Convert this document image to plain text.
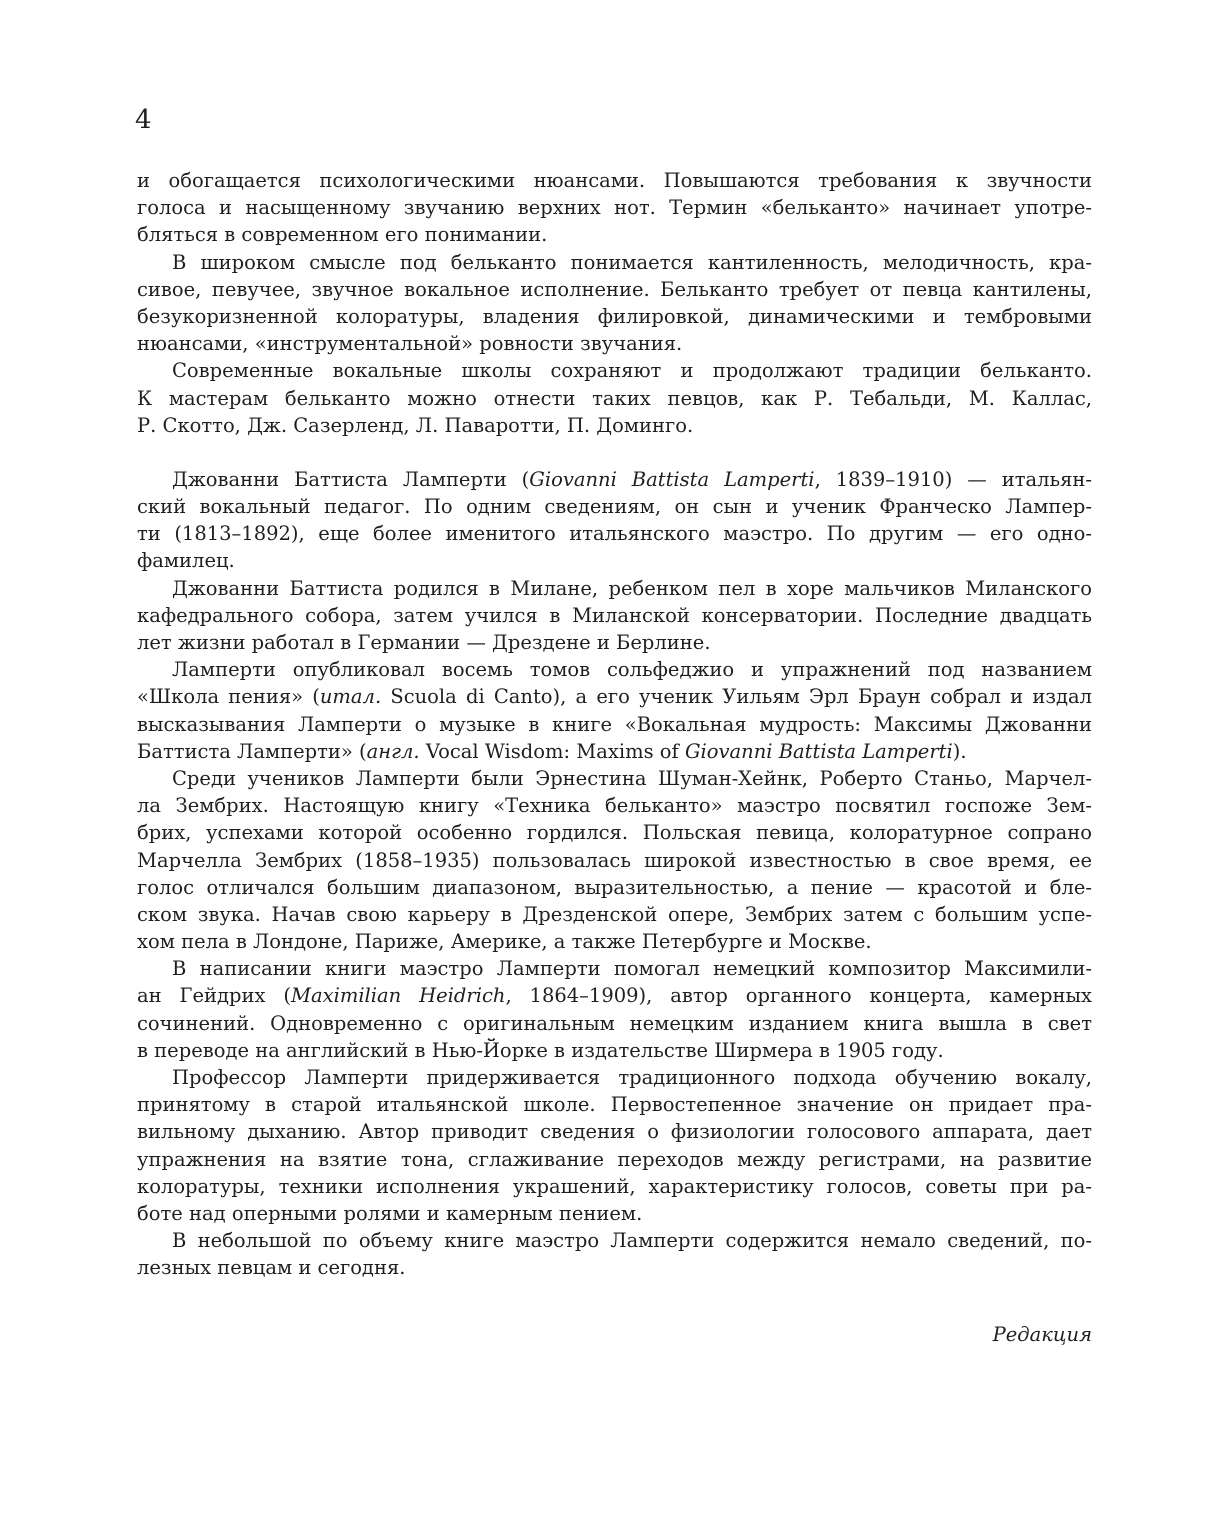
4
и обогащается психологическими нюансами. Повышаются требования к звучности
голоса и насыщенному звучанию верхних нот. Термин «бельканто» начинает употре-
бляться в современном его понимании.
В широком смысле под бельканто понимается кантиленность, мелодичность, кра-
сивое, певучее, звучное вокальное исполнение. Бельканто требует от певца кантилены,
безукоризненной колоратуры, владения филировкой, динамическими и тембровыми
нюансами, «инструментальной» ровности звучания.
Современные вокальные школы сохраняют и продолжают традиции бельканто.
К мастерам бельканто можно отнести таких певцов, как Р. Тебальди, М. Каллас,
Р. Скотто, Дж. Сазерленд, Л. Паваротти, П. Доминго.
Джованни Баттиста Ламперти (Giovanni Battista Lamperti, 1839–1910) — итальян-
ский вокальный педагог. По одним сведениям, он сын и ученик Франческо Лампер-
ти (1813–1892), еще более именитого итальянского маэстро. По другим — его одно-
фамилец.
Джованни Баттиста родился в Милане, ребенком пел в хоре мальчиков Миланского
кафедрального собора, затем учился в Миланской консерватории. Последние двадцать
лет жизни работал в Германии — Дрездене и Берлине.
Ламперти опубликовал восемь томов сольфеджио и упражнений под названием
«Школа пения» (итал. Scuola di Canto), а его ученик Уильям Эрл Браун собрал и издал
высказывания Ламперти о музыке в книге «Вокальная мудрость: Максимы Джованни
Баттиста Ламперти» (англ. Vocal Wisdom: Maxims of Giovanni Battista Lamperti).
Среди учеников Ламперти были Эрнестина Шуман-Хейнк, Роберто Станьо, Марчел-
ла Зембрих. Настоящую книгу «Техника бельканто» маэстро посвятил госпоже Зем-
брих, успехами которой особенно гордился. Польская певица, колоратурное сопрано
Марчелла Зембрих (1858–1935) пользовалась широкой известностью в свое время, ее
голос отличался большим диапазоном, выразительностью, а пение — красотой и бле-
ском звука. Начав свою карьеру в Дрезденской опере, Зембрих затем с большим успе-
хом пела в Лондоне, Париже, Америке, а также Петербурге и Москве.
В написании книги маэстро Ламперти помогал немецкий композитор Максимили-
ан Гейдрих (Maximilian Heidrich, 1864–1909), автор органного концерта, камерных
сочинений. Одновременно с оригинальным немецким изданием книга вышла в свет
в переводе на английский в Нью-Йорке в издательстве Ширмера в 1905 году.
Профессор Ламперти придерживается традиционного подхода обучению вокалу,
принятому в старой итальянской школе. Первостепенное значение он придает пра-
вильному дыханию. Автор приводит сведения о физиологии голосового аппарата, дает
упражнения на взятие тона, сглаживание переходов между регистрами, на развитие
колоратуры, техники исполнения украшений, характеристику голосов, советы при ра-
боте над оперными ролями и камерным пением.
В небольшой по объему книге маэстро Ламперти содержится немало сведений, по-
лезных певцам и сегодня.
Редакция
